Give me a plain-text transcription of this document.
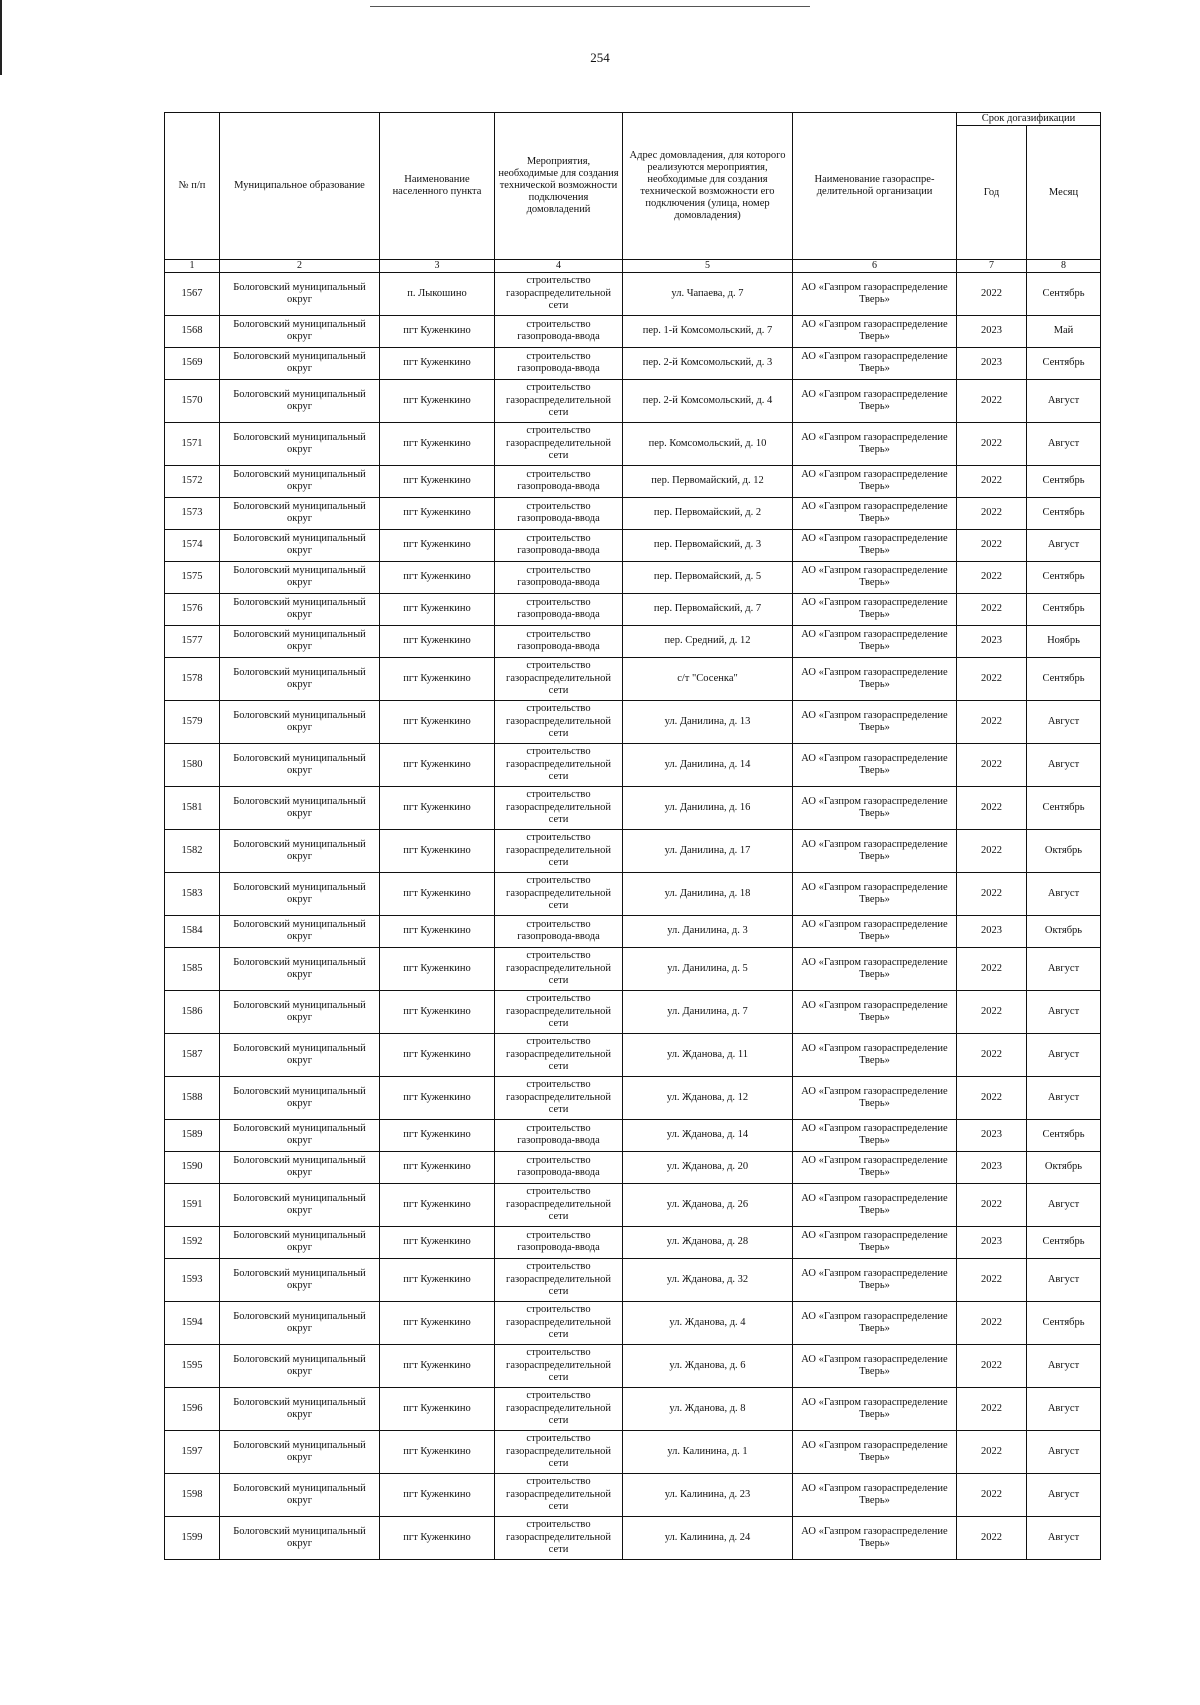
254
№ п/п	Муниципальное образование	Наименование населенного пункта	Мероприятия, необходимые для создания технической возможности подключения домовладений	Адрес домовладения, для которого реализуются мероприятия, необходимые для создания технической возможности его подключения (улица, номер домовладения)	Наименование газораспре-делительной организации	Срок догазификации	
						Год	Месяц
1	2	3	4	5	6	7	8
1567	Бологовский муниципальный округ	п. Лыкошино	строительство газораспределительной сети	ул. Чапаева, д. 7	АО «Газпром газораспределение Тверь»	2022	Сентябрь
1568	Бологовский муниципальный округ	пгт Куженкино	строительство газопровода-ввода	пер. 1-й Комсомольский, д. 7	АО «Газпром газораспределение Тверь»	2023	Май
1569	Бологовский муниципальный округ	пгт Куженкино	строительство газопровода-ввода	пер. 2-й Комсомольский, д. 3	АО «Газпром газораспределение Тверь»	2023	Сентябрь
1570	Бологовский муниципальный округ	пгт Куженкино	строительство газораспределительной сети	пер. 2-й Комсомольский, д. 4	АО «Газпром газораспределение Тверь»	2022	Август
1571	Бологовский муниципальный округ	пгт Куженкино	строительство газораспределительной сети	пер. Комсомольский, д. 10	АО «Газпром газораспределение Тверь»	2022	Август
1572	Бологовский муниципальный округ	пгт Куженкино	строительство газопровода-ввода	пер. Первомайский, д. 12	АО «Газпром газораспределение Тверь»	2022	Сентябрь
1573	Бологовский муниципальный округ	пгт Куженкино	строительство газопровода-ввода	пер. Первомайский, д. 2	АО «Газпром газораспределение Тверь»	2022	Сентябрь
1574	Бологовский муниципальный округ	пгт Куженкино	строительство газопровода-ввода	пер. Первомайский, д. 3	АО «Газпром газораспределение Тверь»	2022	Август
1575	Бологовский муниципальный округ	пгт Куженкино	строительство газопровода-ввода	пер. Первомайский, д. 5	АО «Газпром газораспределение Тверь»	2022	Сентябрь
1576	Бологовский муниципальный округ	пгт Куженкино	строительство газопровода-ввода	пер. Первомайский, д. 7	АО «Газпром газораспределение Тверь»	2022	Сентябрь
1577	Бологовский муниципальный округ	пгт Куженкино	строительство газопровода-ввода	пер. Средний, д. 12	АО «Газпром газораспределение Тверь»	2023	Ноябрь
1578	Бологовский муниципальный округ	пгт Куженкино	строительство газораспределительной сети	с/т "Сосенка"	АО «Газпром газораспределение Тверь»	2022	Сентябрь
1579	Бологовский муниципальный округ	пгт Куженкино	строительство газораспределительной сети	ул. Данилина, д. 13	АО «Газпром газораспределение Тверь»	2022	Август
1580	Бологовский муниципальный округ	пгт Куженкино	строительство газораспределительной сети	ул. Данилина, д. 14	АО «Газпром газораспределение Тверь»	2022	Август
1581	Бологовский муниципальный округ	пгт Куженкино	строительство газораспределительной сети	ул. Данилина, д. 16	АО «Газпром газораспределение Тверь»	2022	Сентябрь
1582	Бологовский муниципальный округ	пгт Куженкино	строительство газораспределительной сети	ул. Данилина, д. 17	АО «Газпром газораспределение Тверь»	2022	Октябрь
1583	Бологовский муниципальный округ	пгт Куженкино	строительство газораспределительной сети	ул. Данилина, д. 18	АО «Газпром газораспределение Тверь»	2022	Август
1584	Бологовский муниципальный округ	пгт Куженкино	строительство газопровода-ввода	ул. Данилина, д. 3	АО «Газпром газораспределение Тверь»	2023	Октябрь
1585	Бологовский муниципальный округ	пгт Куженкино	строительство газораспределительной сети	ул. Данилина, д. 5	АО «Газпром газораспределение Тверь»	2022	Август
1586	Бологовский муниципальный округ	пгт Куженкино	строительство газораспределительной сети	ул. Данилина, д. 7	АО «Газпром газораспределение Тверь»	2022	Август
1587	Бологовский муниципальный округ	пгт Куженкино	строительство газораспределительной сети	ул. Жданова, д. 11	АО «Газпром газораспределение Тверь»	2022	Август
1588	Бологовский муниципальный округ	пгт Куженкино	строительство газораспределительной сети	ул. Жданова, д. 12	АО «Газпром газораспределение Тверь»	2022	Август
1589	Бологовский муниципальный округ	пгт Куженкино	строительство газопровода-ввода	ул. Жданова, д. 14	АО «Газпром газораспределение Тверь»	2023	Сентябрь
1590	Бологовский муниципальный округ	пгт Куженкино	строительство газопровода-ввода	ул. Жданова, д. 20	АО «Газпром газораспределение Тверь»	2023	Октябрь
1591	Бологовский муниципальный округ	пгт Куженкино	строительство газораспределительной сети	ул. Жданова, д. 26	АО «Газпром газораспределение Тверь»	2022	Август
1592	Бологовский муниципальный округ	пгт Куженкино	строительство газопровода-ввода	ул. Жданова, д. 28	АО «Газпром газораспределение Тверь»	2023	Сентябрь
1593	Бологовский муниципальный округ	пгт Куженкино	строительство газораспределительной сети	ул. Жданова, д. 32	АО «Газпром газораспределение Тверь»	2022	Август
1594	Бологовский муниципальный округ	пгт Куженкино	строительство газораспределительной сети	ул. Жданова, д. 4	АО «Газпром газораспределение Тверь»	2022	Сентябрь
1595	Бологовский муниципальный округ	пгт Куженкино	строительство газораспределительной сети	ул. Жданова, д. 6	АО «Газпром газораспределение Тверь»	2022	Август
1596	Бологовский муниципальный округ	пгт Куженкино	строительство газораспределительной сети	ул. Жданова, д. 8	АО «Газпром газораспределение Тверь»	2022	Август
1597	Бологовский муниципальный округ	пгт Куженкино	строительство газораспределительной сети	ул. Калинина, д. 1	АО «Газпром газораспределение Тверь»	2022	Август
1598	Бологовский муниципальный округ	пгт Куженкино	строительство газораспределительной сети	ул. Калинина, д. 23	АО «Газпром газораспределение Тверь»	2022	Август
1599	Бологовский муниципальный округ	пгт Куженкино	строительство газораспределительной сети	ул. Калинина, д. 24	АО «Газпром газораспределение Тверь»	2022	Август
